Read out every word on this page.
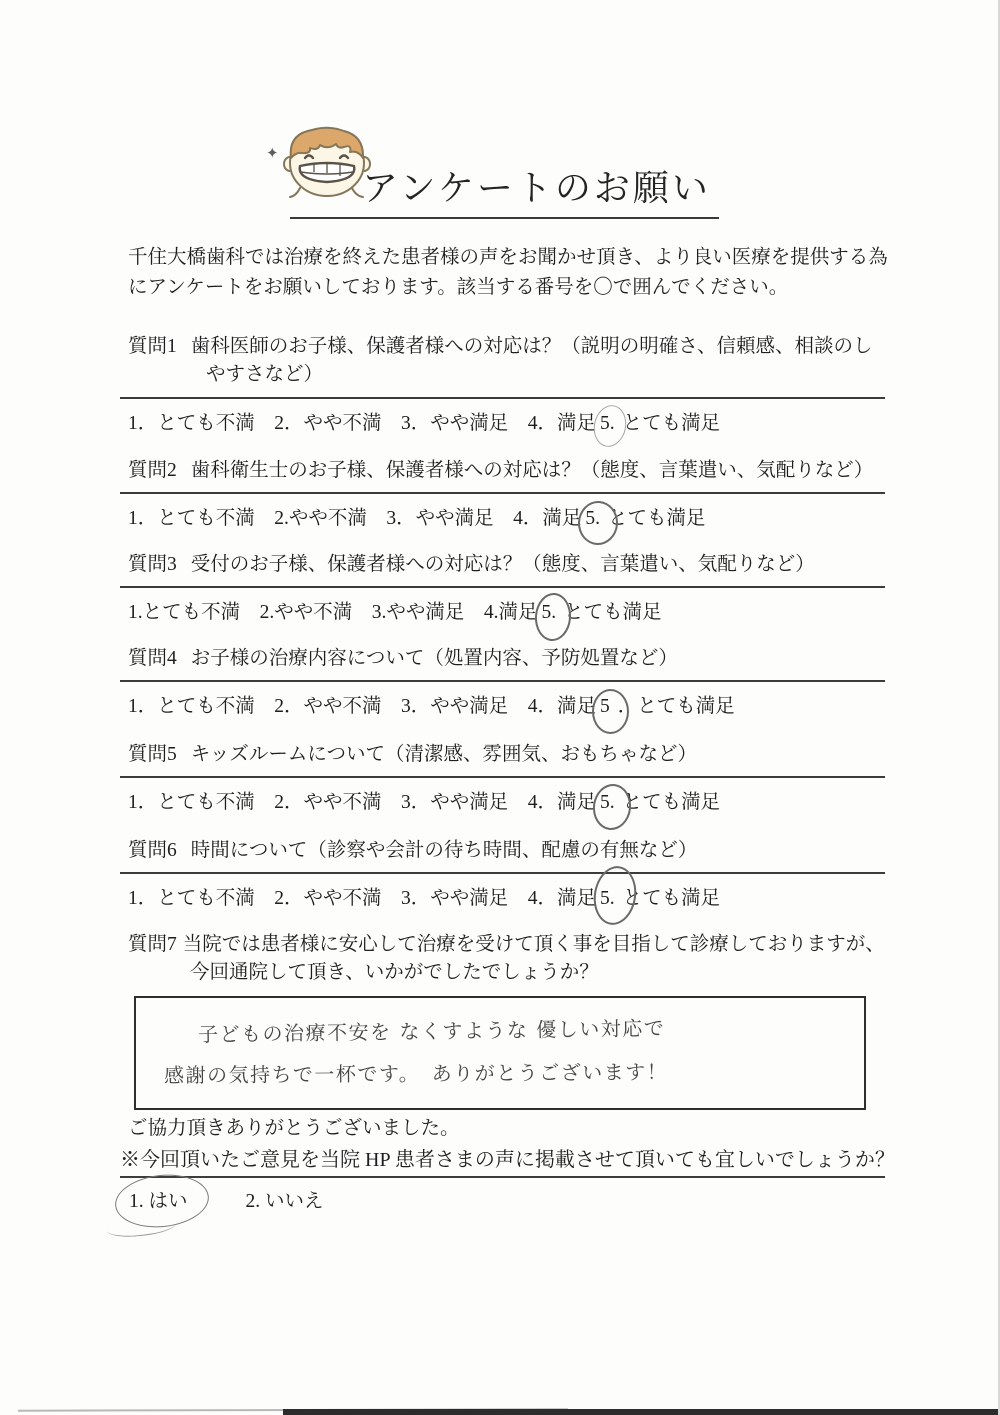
✦
アンケートのお願い
千住大橋歯科では治療を終えた患者様の声をお聞かせ頂き、より良い医療を提供する為にアンケートをお願いしております。該当する番号を〇で囲んでください。
質問1 歯科医師のお子様、保護者様への対応は？（説明の明確さ、信頼感、相談のし
やすさなど）
1．とても不満　2．やや不満　3．やや満足　4．満足 5. とても満足
質問2 歯科衛生士のお子様、保護者様への対応は？（態度、言葉遣い、気配りなど）
1．とても不満　2.やや不満　3．やや満足　4．満足 5. とても満足
質問3 受付のお子様、保護者様への対応は？（態度、言葉遣い、気配りなど）
1.とても不満　2.やや不満　3.やや満足　4.満足 5. とても満足
質問4 お子様の治療内容について（処置内容、予防処置など）
1．とても不満　2．やや不満　3．やや満足　4．満足 5 ．とても満足
質問5 キッズルームについて（清潔感、雰囲気、おもちゃなど）
1．とても不満　2．やや不満　3．やや満足　4．満足 5. とても満足
質問6 時間について（診察や会計の待ち時間、配慮の有無など）
1．とても不満　2．やや不満　3．やや満足　4．満足 5. とても満足
質問7 当院では患者様に安心して治療を受けて頂く事を目指して診療しておりますが、
今回通院して頂き、いかがでしたでしょうか？
子どもの治療不安を なくすような 優しい対応で
感謝の気持ちで一杯です。　ありがとうございます！
ご協力頂きありがとうございました。
※今回頂いたご意見を当院 HP 患者さまの声に掲載させて頂いても宜しいでしょうか？
1. はい	2. いいえ
